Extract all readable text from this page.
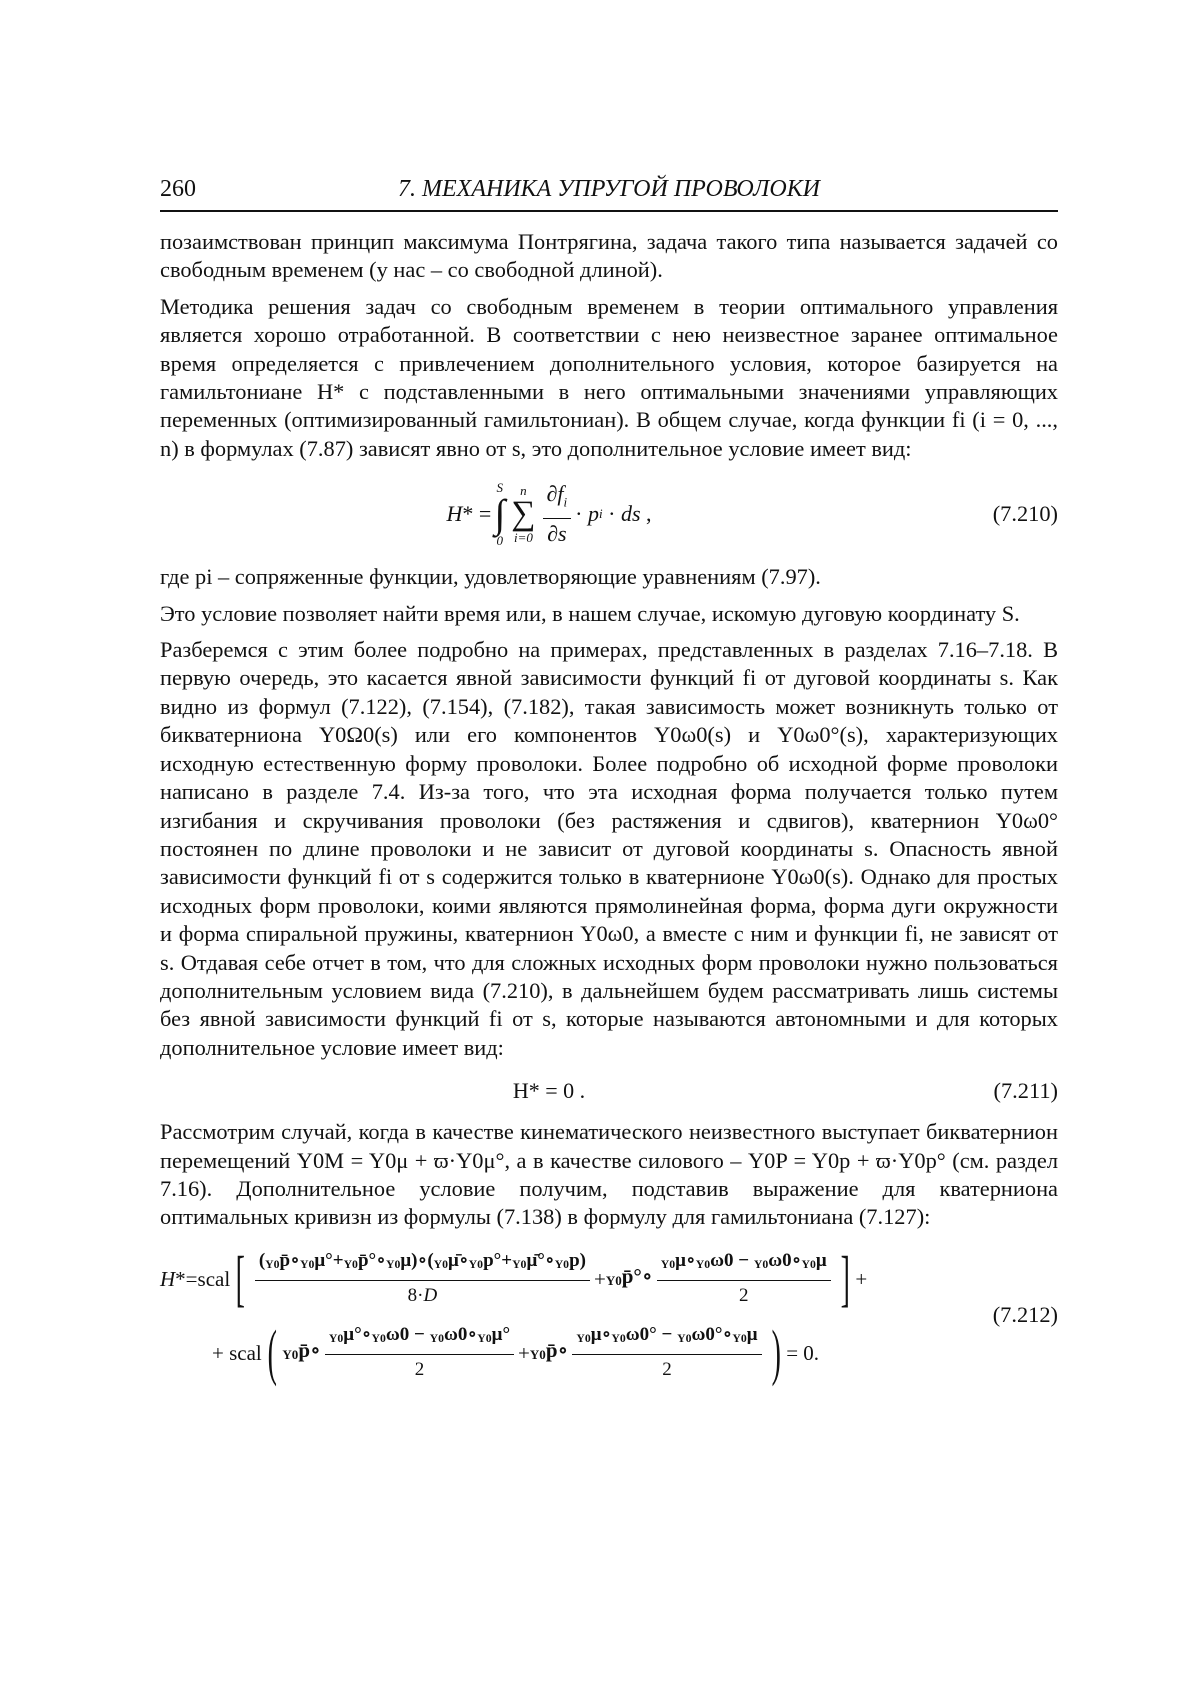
260	7. МЕХАНИКА УПРУГОЙ ПРОВОЛОКИ

позаимствован принцип максимума Понтрягина, задача такого типа называется задачей со свободным временем (у нас – со свободной длиной).

Методика решения задач со свободным временем в теории оптимального управления является хорошо отработанной. В соответствии с нею неизвестное заранее оптимальное время определяется с привлечением дополнительного условия, которое базируется на гамильтониане H* с подставленными в него оптимальными значениями управляющих переменных (оптимизированный гамильтониан). В общем случае, когда функции fi (i = 0, ..., n) в формулах (7.87) зависят явно от s, это дополнительное условие имеет вид:

H * =
S
∫
0
n
∑
i=0
∂fi
∂s
· p i · ds ,	(7.210)

где pi – сопряженные функции, удовлетворяющие уравнениям (7.97).

Это условие позволяет найти время или, в нашем случае, искомую дуговую координату S.

Разберемся с этим более подробно на примерах, представленных в разделах 7.16–7.18. В первую очередь, это касается явной зависимости функций fi от дуговой координаты s. Как видно из формул (7.122), (7.154), (7.182), такая зависимость может возникнуть только от бикватерниона Y0Ω0(s) или его компонентов Y0ω0(s) и Y0ω0°(s), характеризующих исходную естественную форму проволоки. Более подробно об исходной форме проволоки написано в разделе 7.4. Из-за того, что эта исходная форма получается только путем изгибания и скручивания проволоки (без растяжения и сдвигов), кватернион Y0ω0° постоянен по длине проволоки и не зависит от дуговой координаты s. Опасность явной зависимости функций fi от s содержится только в кватернионе Y0ω0(s). Однако для простых исходных форм проволоки, коими являются прямолинейная форма, форма дуги окружности и форма спиральной пружины, кватернион Y0ω0, а вместе с ним и функции fi, не зависят от s. Отдавая себе отчет в том, что для сложных исходных форм проволоки нужно пользоваться дополнительным условием вида (7.210), в дальнейшем будем рассматривать лишь системы без явной зависимости функций fi от s, которые называются автономными и для которых дополнительное условие имеет вид:

H* = 0 .	(7.211)

Рассмотрим случай, когда в качестве кинематического неизвестного выступает бикватернион перемещений Y0M = Y0μ + ϖ·Y0μ°, а в качестве силового – Y0P = Y0p + ϖ·Y0p° (см. раздел 7.16). Дополнительное условие получим, подставив выражение для кватерниона оптимальных кривизн из формулы (7.138) в формулу для гамильтониана (7.127):

H *=scal [ (Y0p̄∘Y0μ°+Y0p̄°∘Y0μ)∘(Y0μ̄∘Y0p°+Y0μ̄°∘Y0p)
8·D
+ Y0p̄°∘ Y0μ∘Y0ω0 − Y0ω0∘Y0μ
2 ] +
+ scal ( Y0p̄∘ Y0μ°∘Y0ω0 − Y0ω0∘Y0μ°
2
+ Y0p̄∘ Y0μ∘Y0ω0° − Y0ω0°∘Y0μ
2 ) = 0.
(7.212)
